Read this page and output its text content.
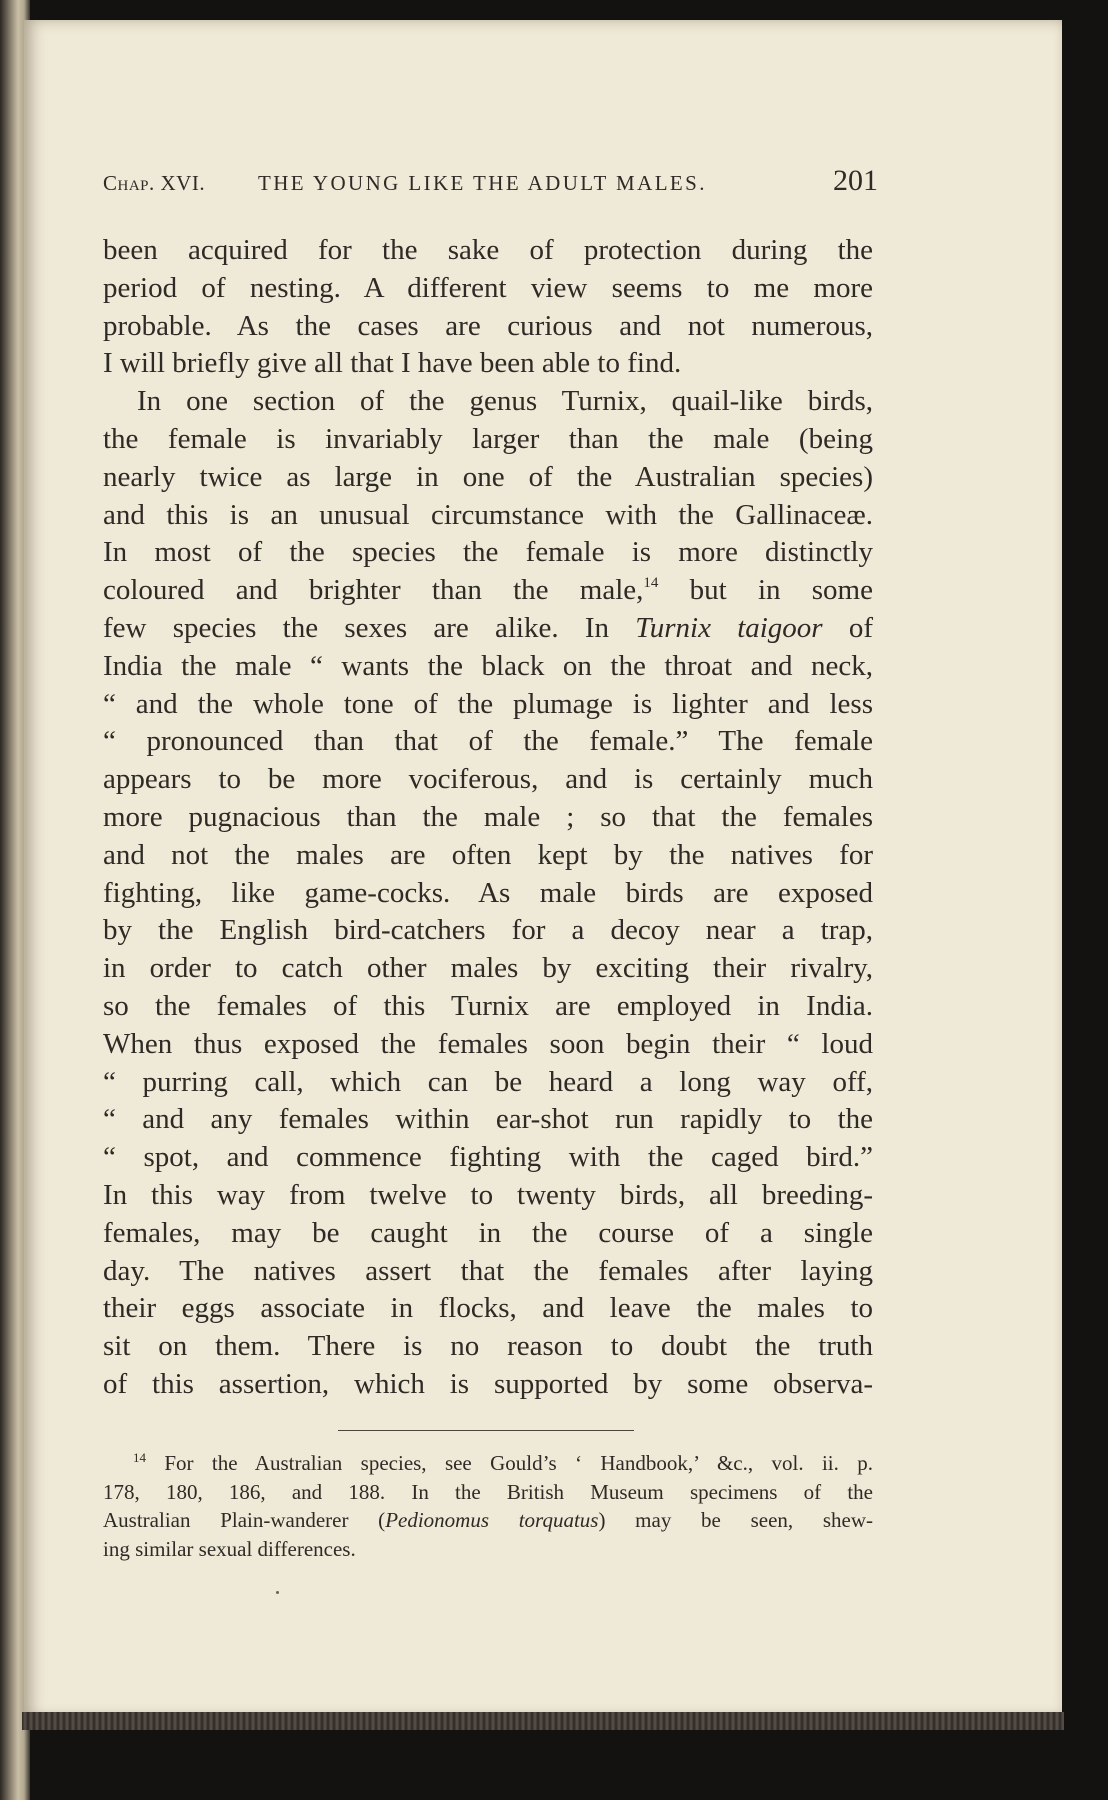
Chap. XVI.	THE YOUNG LIKE THE ADULT MALES.	201
been acquired for the sake of protection during the
period of nesting. A different view seems to me more
probable. As the cases are curious and not numerous,
I will briefly give all that I have been able to find.
In one section of the genus Turnix, quail-like birds,
the female is invariably larger than the male (being
nearly twice as large in one of the Australian species)
and this is an unusual circumstance with the Gallinaceæ.
In most of the species the female is more distinctly
coloured and brighter than the male,$^{14}$ but in some
few species the sexes are alike. In Turnix taigoor of
India the male “ wants the black on the throat and neck,
“ and the whole tone of the plumage is lighter and less
“ pronounced than that of the female.” The female
appears to be more vociferous, and is certainly much
more pugnacious than the male ; so that the females
and not the males are often kept by the natives for
fighting, like game-cocks. As male birds are exposed
by the English bird-catchers for a decoy near a trap,
in order to catch other males by exciting their rivalry,
so the females of this Turnix are employed in India.
When thus exposed the females soon begin their “ loud
“ purring call, which can be heard a long way off,
“ and any females within ear-shot run rapidly to the
“ spot, and commence fighting with the caged bird.”
In this way from twelve to twenty birds, all breeding-
females, may be caught in the course of a single
day. The natives assert that the females after laying
their eggs associate in flocks, and leave the males to
sit on them. There is no reason to doubt the truth
of this assertion, which is supported by some observa-
$^{14}$ For the Australian species, see Gould’s ‘ Handbook,’ &c., vol. ii. p.
178, 180, 186, and 188. In the British Museum specimens of the
Australian Plain-wanderer (Pedionomus torquatus) may be seen, shew-
ing similar sexual differences.
